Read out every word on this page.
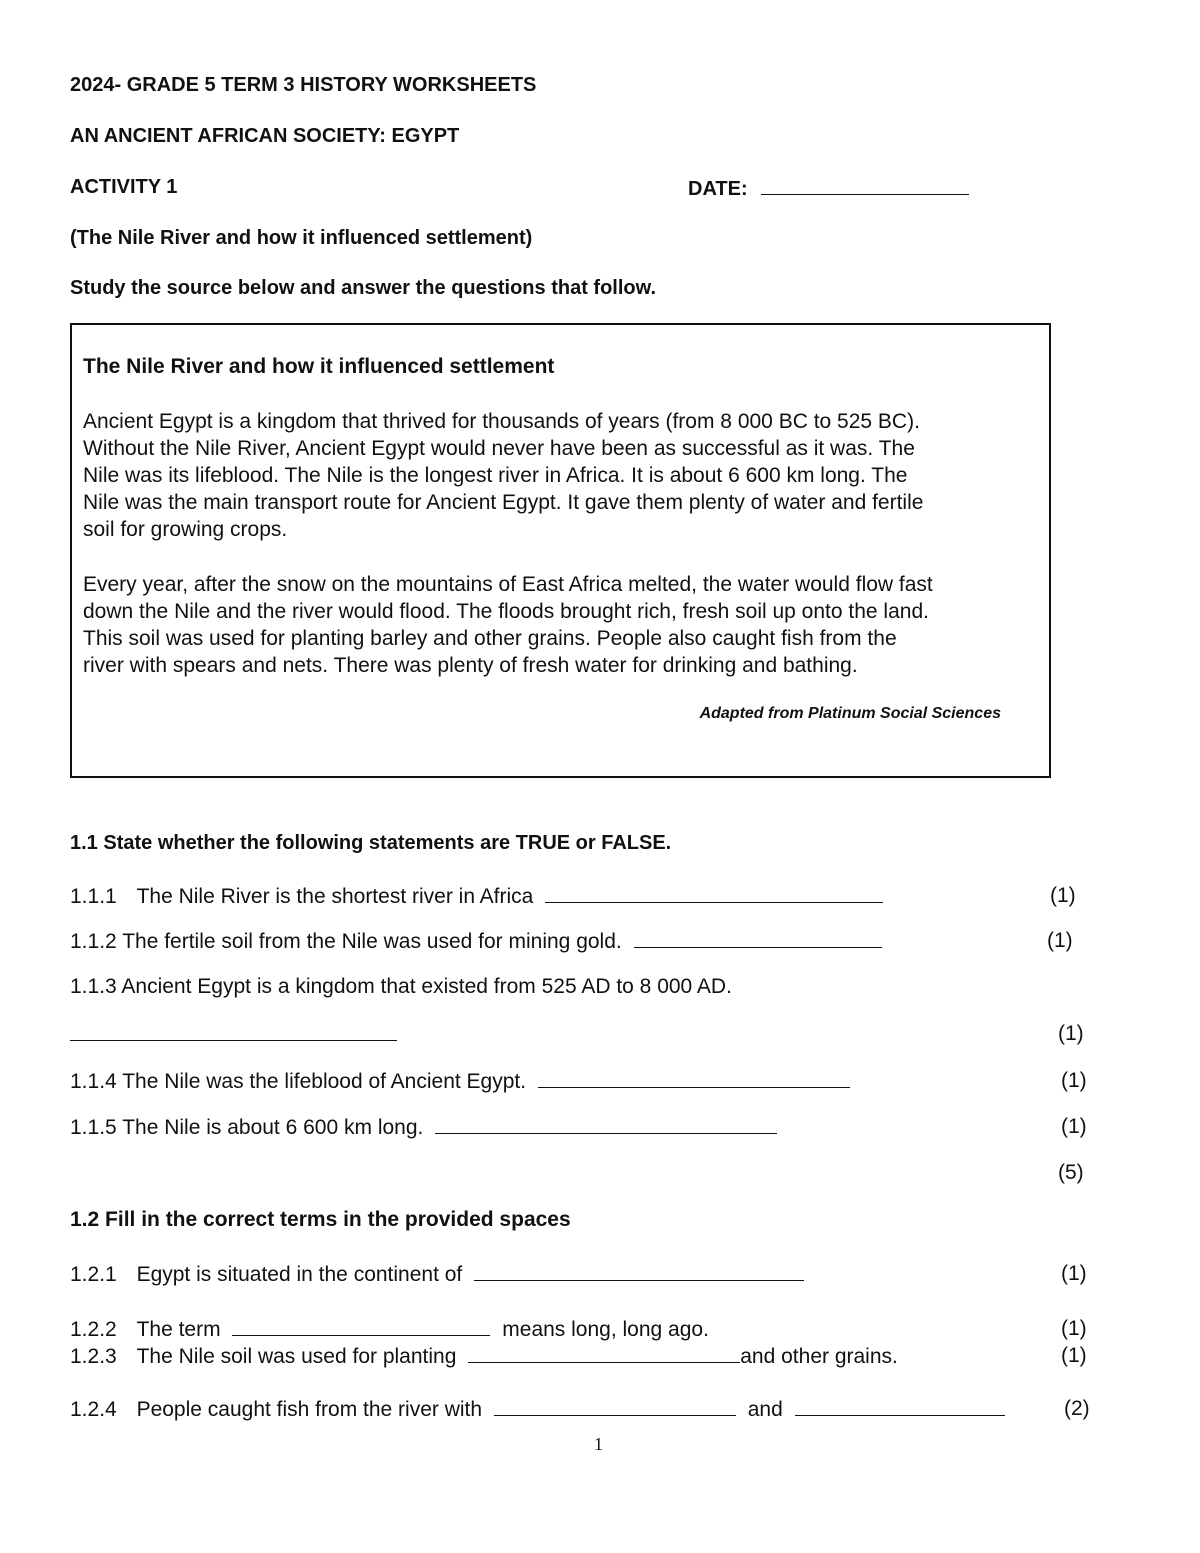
2024- GRADE 5 TERM 3 HISTORY WORKSHEETS
AN ANCIENT AFRICAN SOCIETY: EGYPT
ACTIVITY 1	DATE:
(The Nile River and how it influenced settlement)
Study the source below and answer the questions that follow.
The Nile River and how it influenced settlement
Ancient Egypt is a kingdom that thrived for thousands of years (from 8 000 BC to 525 BC).
Without the Nile River, Ancient Egypt would never have been as successful as it was. The
Nile was its lifeblood. The Nile is the longest river in Africa. It is about 6 600 km long. The
Nile was the main transport route for Ancient Egypt. It gave them plenty of water and fertile
soil for growing crops.
Every year, after the snow on the mountains of East Africa melted, the water would flow fast
down the Nile and the river would flood. The floods brought rich, fresh soil up onto the land.
This soil was used for planting barley and other grains. People also caught fish from the
river with spears and nets. There was plenty of fresh water for drinking and bathing.
Adapted from Platinum Social Sciences
1.1 State whether the following statements are TRUE or FALSE.
1.1.1 The Nile River is the shortest river in Africa	(1)
1.1.2 The fertile soil from the Nile was used for mining gold.	(1)
1.1.3 Ancient Egypt is a kingdom that existed from 525 AD to 8 000 AD.
(1)
1.1.4 The Nile was the lifeblood of Ancient Egypt.	(1)
1.1.5 The Nile is about 6 600 km long.	(1)
(5)
1.2 Fill in the correct terms in the provided spaces
1.2.1 Egypt is situated in the continent of	(1)
1.2.2 The term	means long, long ago.	(1)
1.2.3 The Nile soil was used for planting	and other grains.	(1)
1.2.4 People caught fish from the river with	and	(2)
1
